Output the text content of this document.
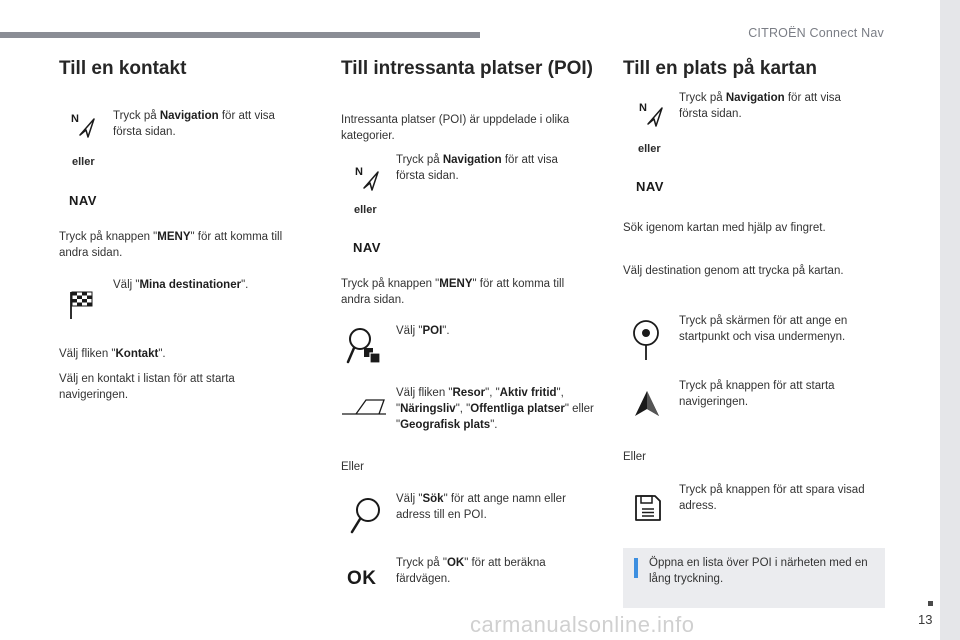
CITROËN Connect Nav
13
carmanualsonline.info
Till en kontakt
N	Tryck på Navigation för att visa första sidan.
eller
NAV
Tryck på knappen "MENY" för att komma till andra sidan.
Välj "Mina destinationer".
Välj fliken "Kontakt".
Välj en kontakt i listan för att starta navigeringen.
Till intressanta platser (POI)
Intressanta platser (POI) är uppdelade i olika kategorier.
N
Tryck på Navigation för att visa första sidan.
eller
NAV
Tryck på knappen "MENY" för att komma till andra sidan.
Välj "POI".
Välj fliken "Resor", "Aktiv fritid", "Näringsliv", "Offentliga platser" eller "Geografisk plats".
Eller
Välj "Sök" för att ange namn eller adress till en POI.
OK
Tryck på "OK" för att beräkna färdvägen.
Till en plats på kartan
N
Tryck på Navigation för att visa första sidan.
eller
NAV
Sök igenom kartan med hjälp av fingret.
Välj destination genom att trycka på kartan.
Tryck på skärmen för att ange en startpunkt och visa undermenyn.
Tryck på knappen för att starta navigeringen.
Eller
Tryck på knappen för att spara visad adress.
Öppna en lista över POI i närheten med en lång tryckning.
